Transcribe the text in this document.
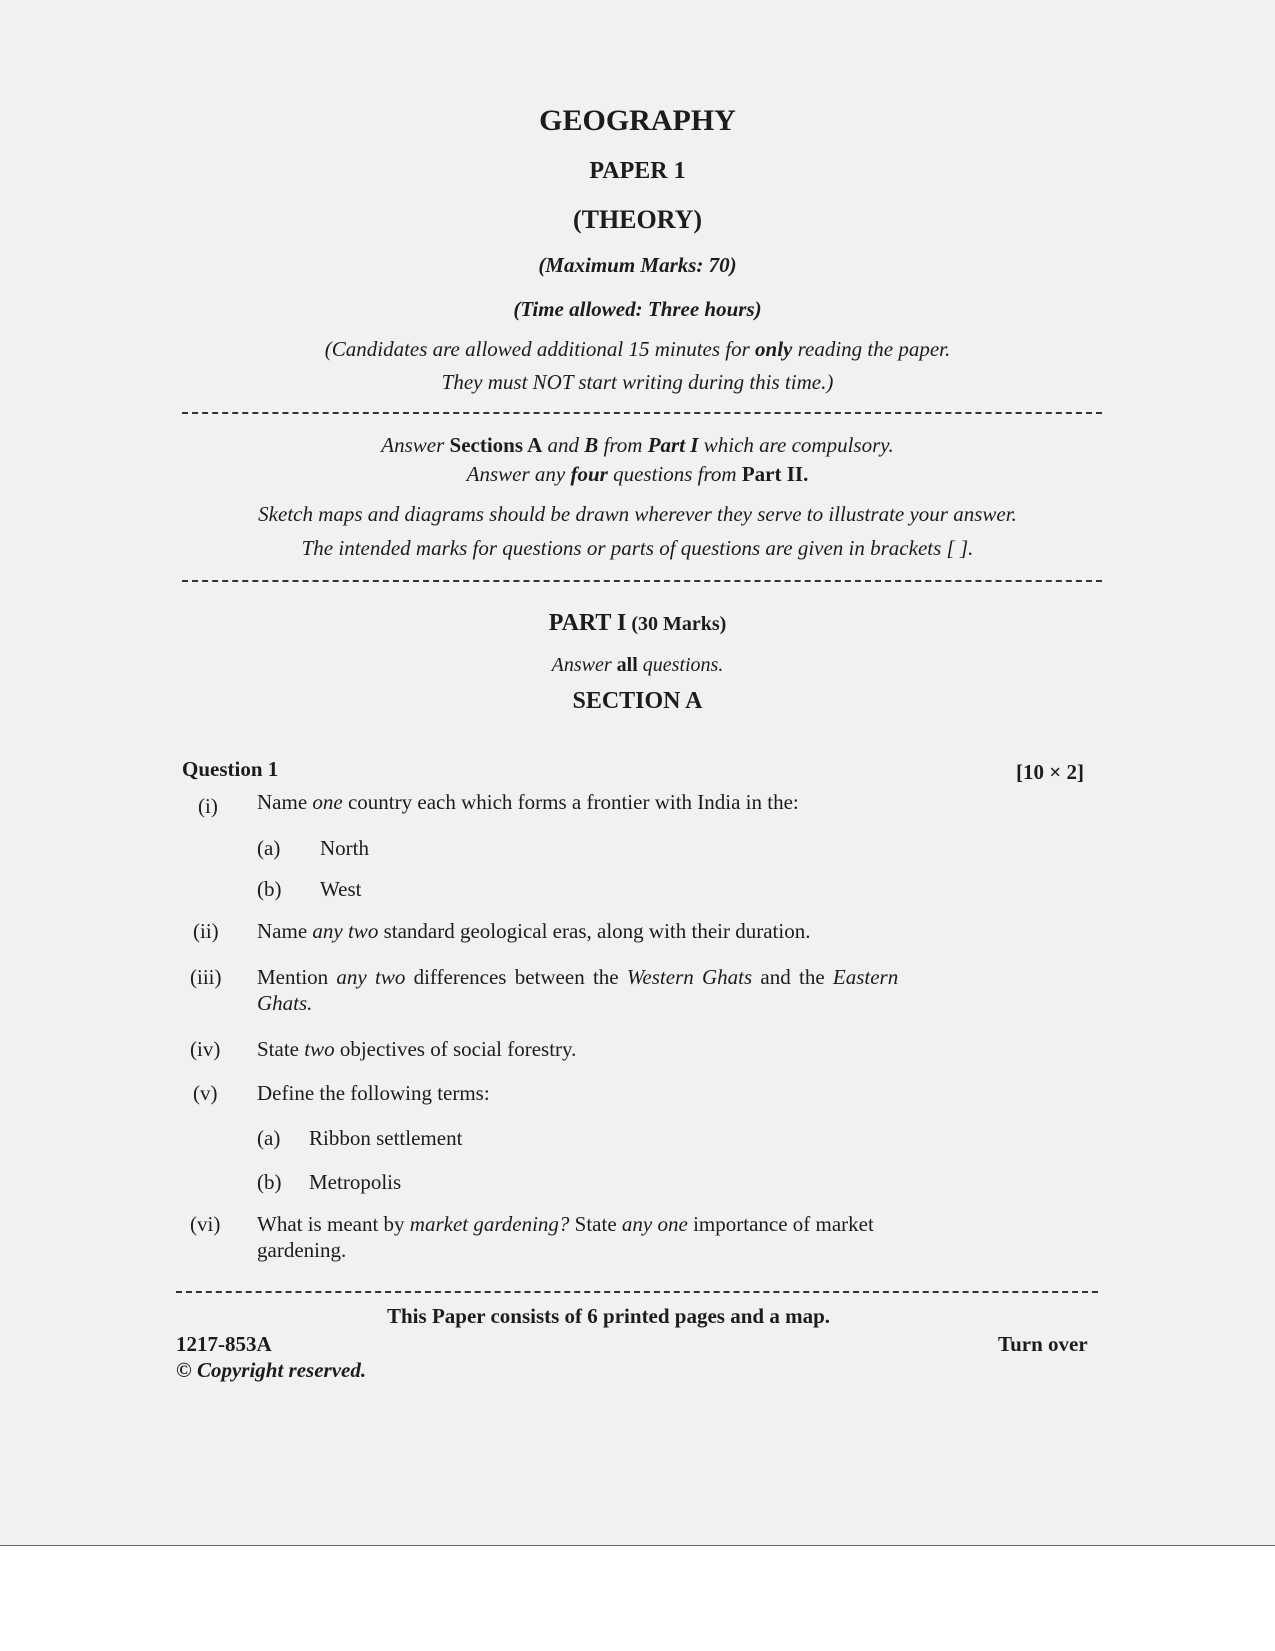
GEOGRAPHY
PAPER 1
(THEORY)
(Maximum Marks: 70)
(Time allowed: Three hours)
(Candidates are allowed additional 15 minutes for only reading the paper.
They must NOT start writing during this time.)
Answer Sections A and B from Part I which are compulsory.
Answer any four questions from Part II.
Sketch maps and diagrams should be drawn wherever they serve to illustrate your answer.
The intended marks for questions or parts of questions are given in brackets [ ].
PART I (30 Marks)
Answer all questions.
SECTION A
Question 1	[10 × 2]
(i) Name one country each which forms a frontier with India in the:
(a) North
(b) West
(ii) Name any two standard geological eras, along with their duration.
(iii) Mention any two differences between the Western Ghats and the Eastern
Ghats.
(iv) State two objectives of social forestry.
(v) Define the following terms:
(a) Ribbon settlement
(b) Metropolis
(vi) What is meant by market gardening? State any one importance of market
gardening.
This Paper consists of 6 printed pages and a map.
1217-853A
© Copyright reserved.
Turn over
